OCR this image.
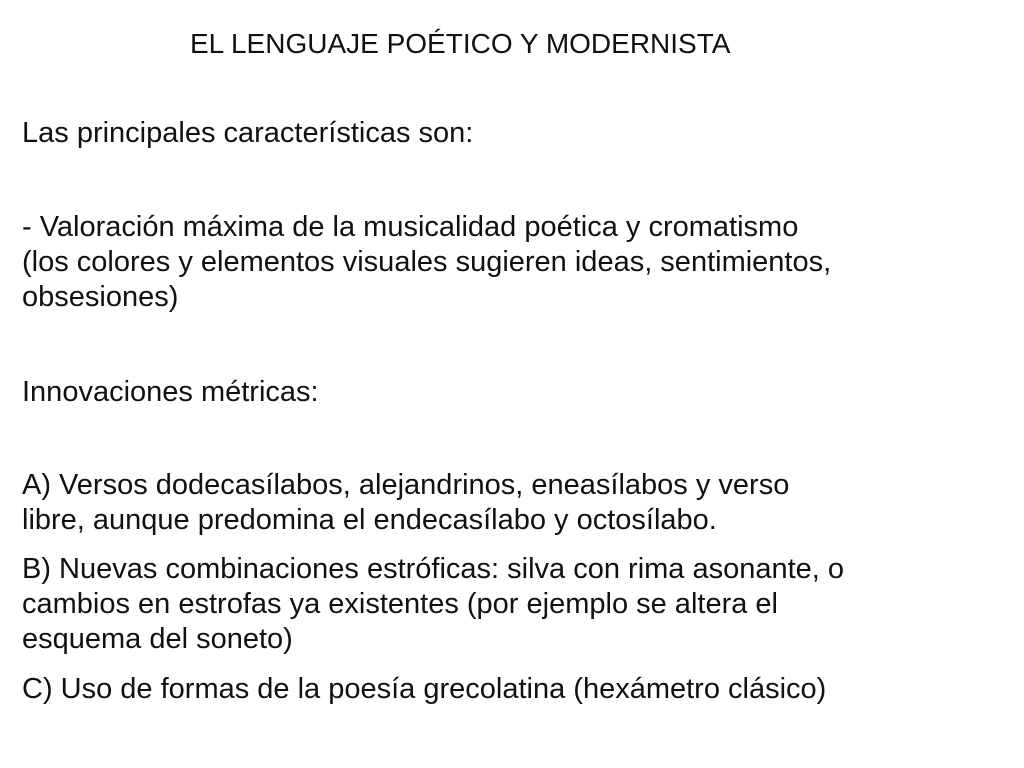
EL LENGUAJE POÉTICO Y MODERNISTA
Las principales características son:
- Valoración máxima de la musicalidad poética y cromatismo
(los colores y elementos visuales sugieren ideas, sentimientos,
obsesiones)
Innovaciones métricas:
A) Versos dodecasílabos, alejandrinos, eneasílabos y verso
libre, aunque predomina el endecasílabo y octosílabo.
B) Nuevas combinaciones estróficas: silva con rima asonante, o
cambios en estrofas ya existentes (por ejemplo se altera el
esquema del soneto)
C) Uso de formas de la poesía grecolatina (hexámetro clásico)
